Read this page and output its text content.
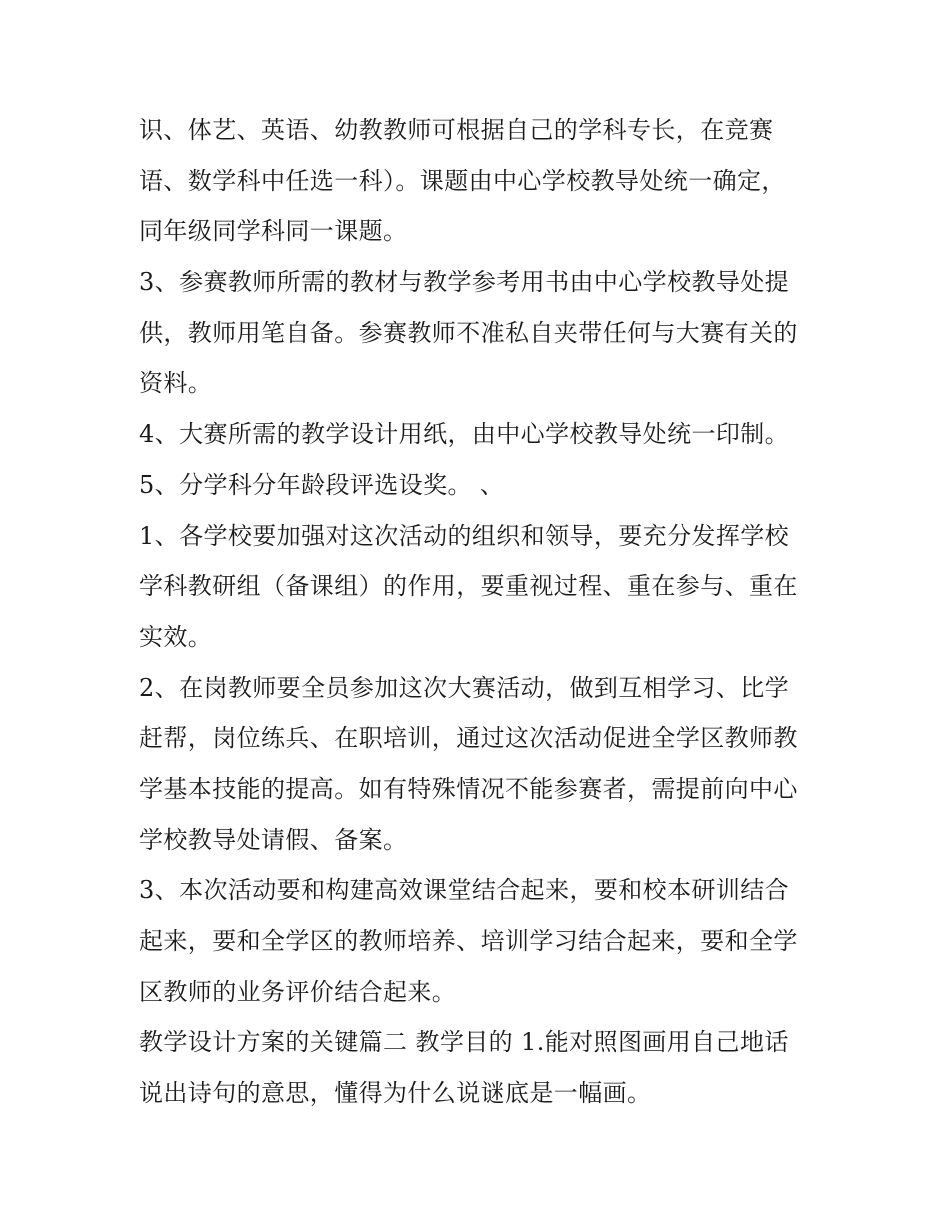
识、体艺、英语、幼教教师可根据自己的学科专长，在竞赛
语、数学科中任选一科）。课题由中心学校教导处统一确定，
同年级同学科同一课题。
3、参赛教师所需的教材与教学参考用书由中心学校教导处提
供，教师用笔自备。参赛教师不准私自夹带任何与大赛有关的
资料。
4、大赛所需的教学设计用纸，由中心学校教导处统一印制。
5、分学科分年龄段评选设奖。 、
1、各学校要加强对这次活动的组织和领导，要充分发挥学校
学科教研组（备课组）的作用，要重视过程、重在参与、重在
实效。
2、在岗教师要全员参加这次大赛活动，做到互相学习、比学
赶帮，岗位练兵、在职培训，通过这次活动促进全学区教师教
学基本技能的提高。如有特殊情况不能参赛者，需提前向中心
学校教导处请假、备案。
3、本次活动要和构建高效课堂结合起来，要和校本研训结合
起来，要和全学区的教师培养、培训学习结合起来，要和全学
区教师的业务评价结合起来。
教学设计方案的关键篇二 教学目的 1.能对照图画用自己地话
说出诗句的意思，懂得为什么说谜底是一幅画。
